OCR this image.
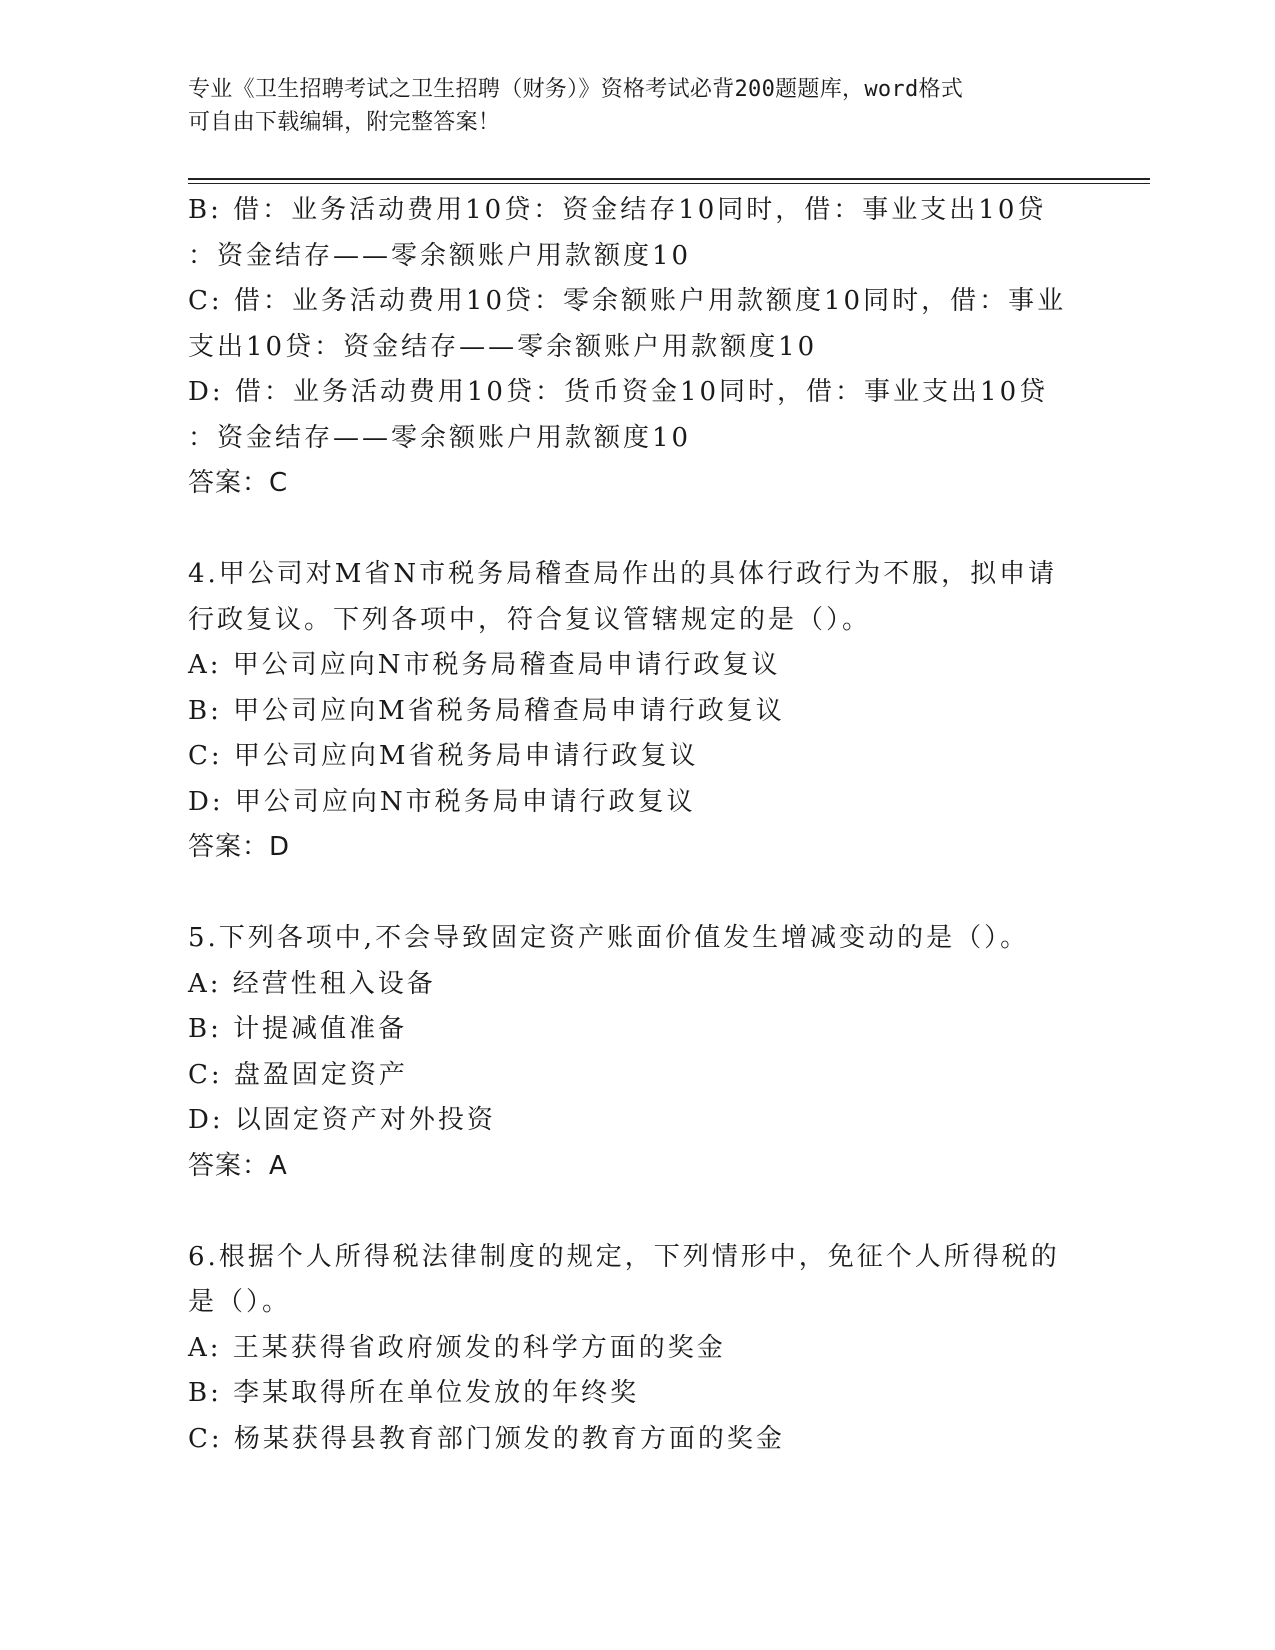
专业《卫生招聘考试之卫生招聘（财务）》资格考试必背200题题库，word格式
可自由下载编辑，附完整答案！
B: 借：业务活动费用10贷：资金结存10同时，借：事业支出10贷
：资金结存——零余额账户用款额度10
C: 借：业务活动费用10贷：零余额账户用款额度10同时，借：事业
支出10贷：资金结存——零余额账户用款额度10
D: 借：业务活动费用10贷：货币资金10同时，借：事业支出10贷
：资金结存——零余额账户用款额度10
答案：C
4.甲公司对M省N市税务局稽查局作出的具体行政行为不服，拟申请
行政复议。下列各项中，符合复议管辖规定的是（）。
A: 甲公司应向N市税务局稽查局申请行政复议
B: 甲公司应向M省税务局稽查局申请行政复议
C: 甲公司应向M省税务局申请行政复议
D: 甲公司应向N市税务局申请行政复议
答案：D
5.下列各项中,不会导致固定资产账面价值发生增减变动的是（）。
A: 经营性租入设备
B: 计提减值准备
C: 盘盈固定资产
D: 以固定资产对外投资
答案：A
6.根据个人所得税法律制度的规定，下列情形中，免征个人所得税的
是（）。
A: 王某获得省政府颁发的科学方面的奖金
B: 李某取得所在单位发放的年终奖
C: 杨某获得县教育部门颁发的教育方面的奖金
